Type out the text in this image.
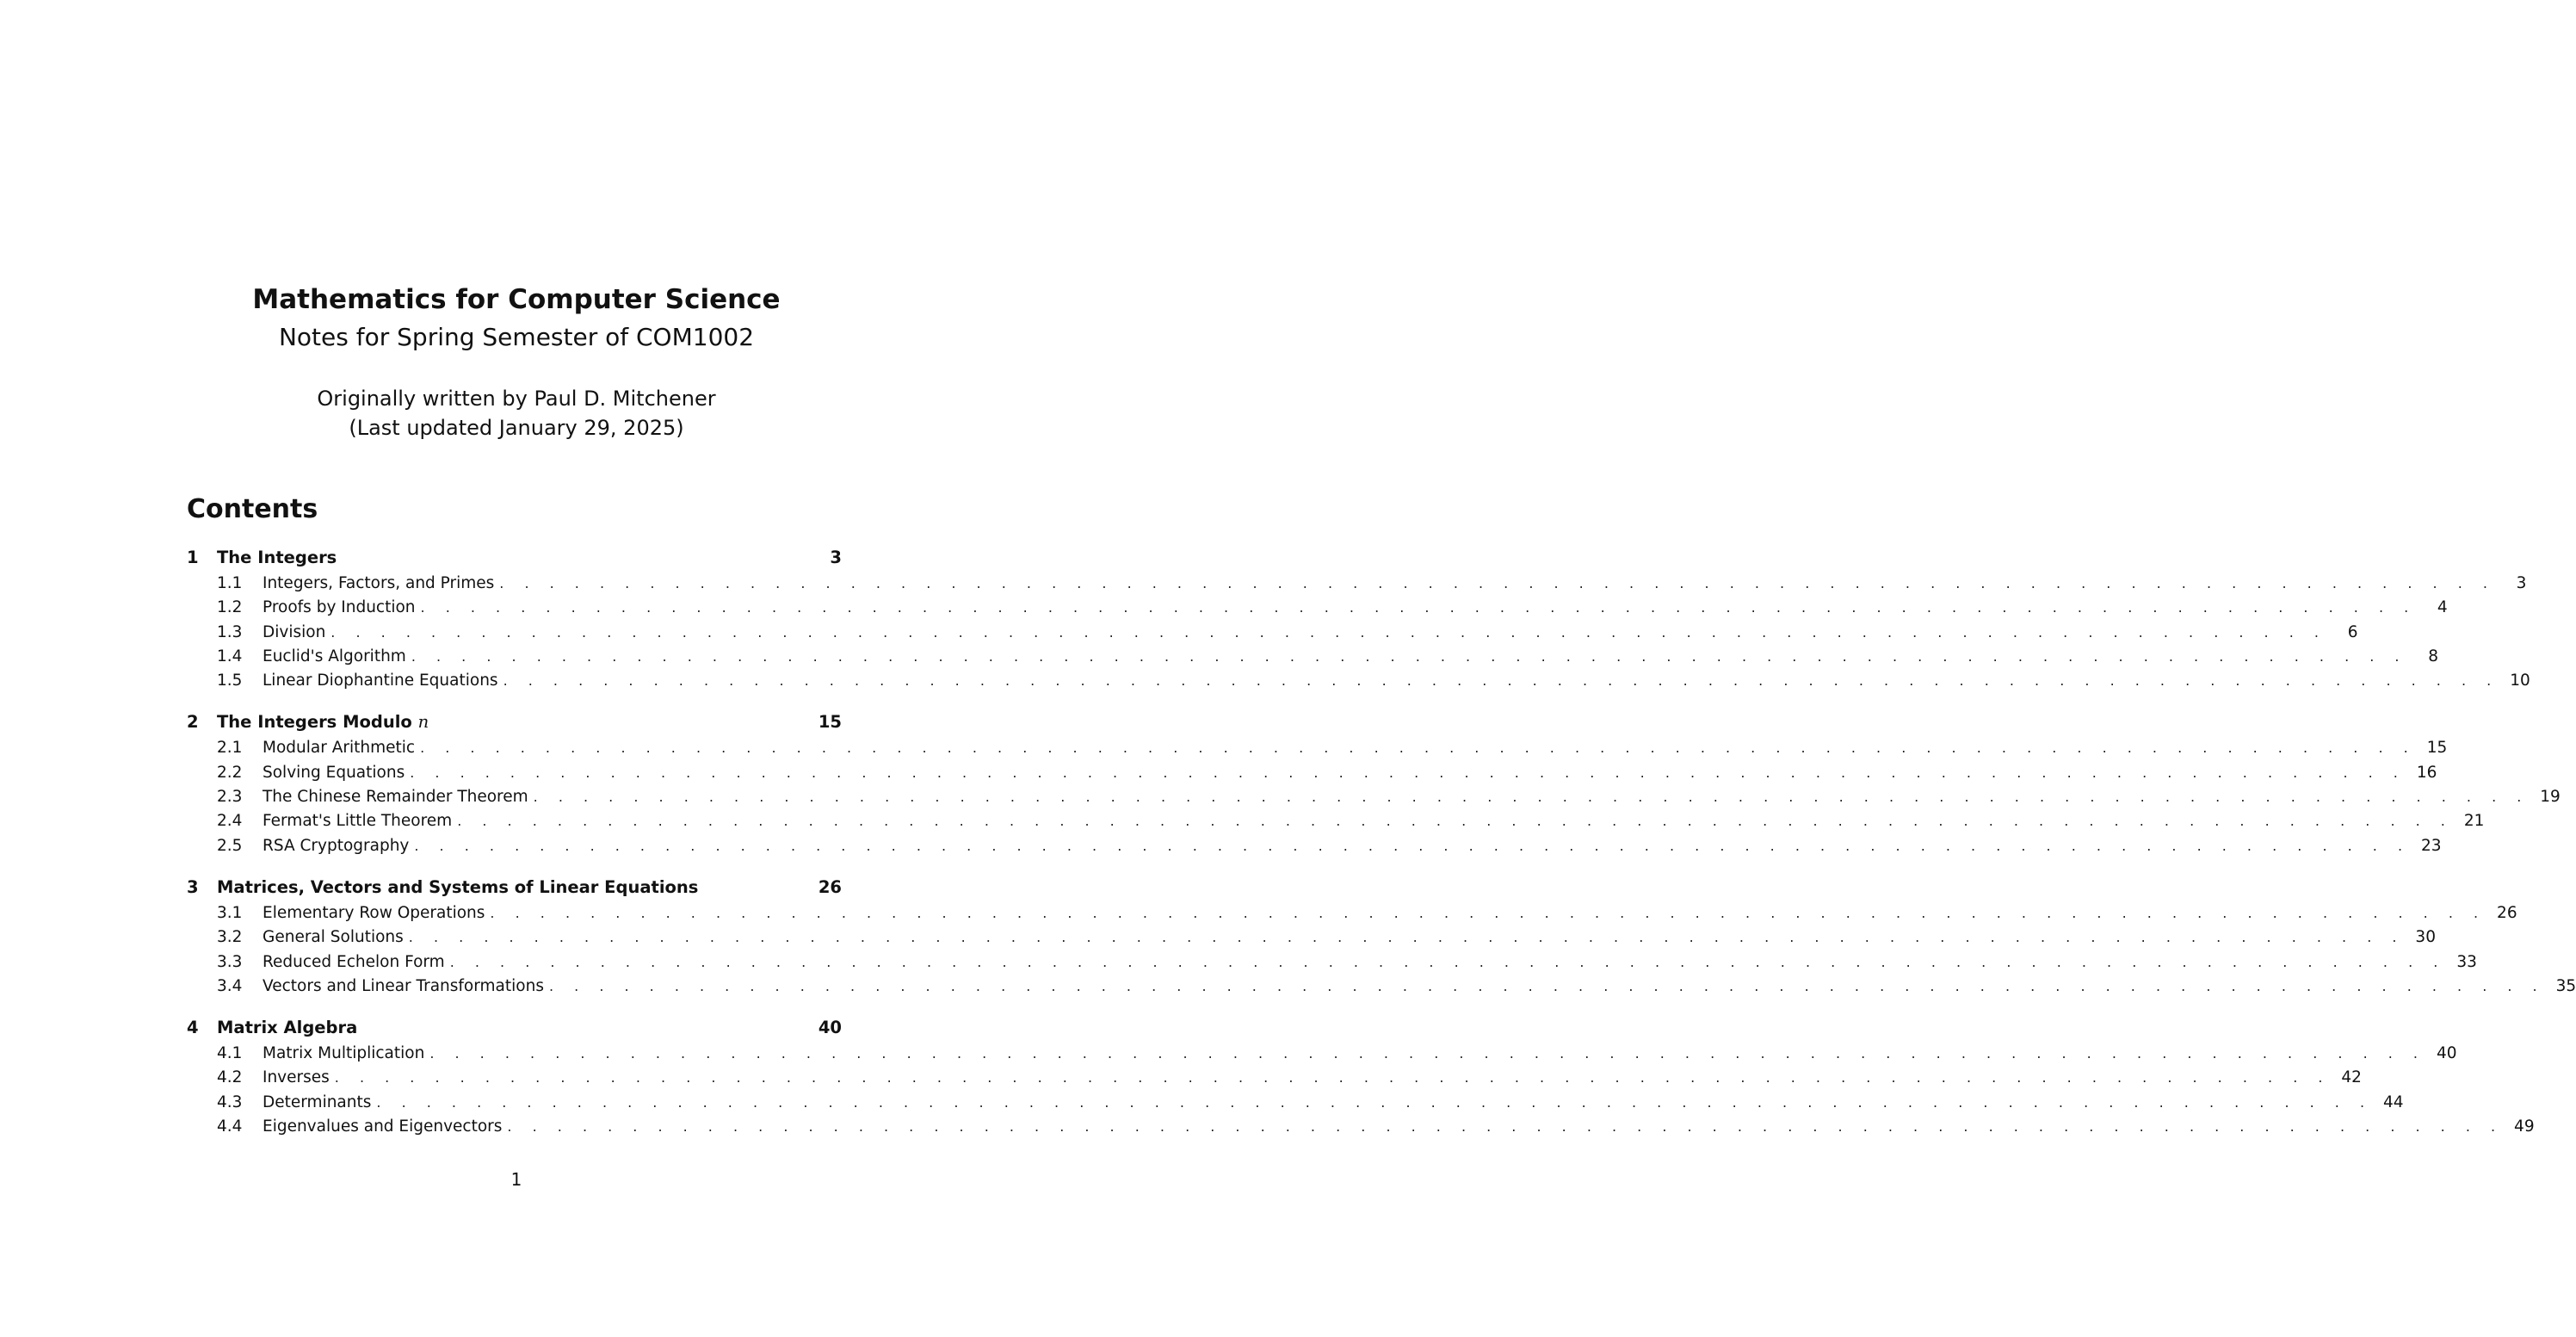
Mathematics for Computer Science
Notes for Spring Semester of COM1002
Originally written by Paul D. Mitchener
(Last updated January 29, 2025)
Contents
1	The Integers	3
1.1	Integers, Factors, and Primes . . . . . . . . . . . . . . . . . . . . . . . . . . . . . . . . . . . . . . . . . . . . . . . . . . . . . . . . . . . . . . . . . . . . . . . . . . . . . . . .	3
1.2	Proofs by Induction . . . . . . . . . . . . . . . . . . . . . . . . . . . . . . . . . . . . . . . . . . . . . . . . . . . . . . . . . . . . . . . . . . . . . . . . . . . . . . . .	4
1.3	Division . . . . . . . . . . . . . . . . . . . . . . . . . . . . . . . . . . . . . . . . . . . . . . . . . . . . . . . . . . . . . . . . . . . . . . . . . . . . . . . .	6
1.4	Euclid's Algorithm . . . . . . . . . . . . . . . . . . . . . . . . . . . . . . . . . . . . . . . . . . . . . . . . . . . . . . . . . . . . . . . . . . . . . . . . . . . . . . . .	8
1.5	Linear Diophantine Equations . . . . . . . . . . . . . . . . . . . . . . . . . . . . . . . . . . . . . . . . . . . . . . . . . . . . . . . . . . . . . . . . . . . . . . . . . . . . . . . . 10
2	The Integers Modulo n	15
2.1	Modular Arithmetic . . . . . . . . . . . . . . . . . . . . . . . . . . . . . . . . . . . . . . . . . . . . . . . . . . . . . . . . . . . . . . . . . . . . . . . . . . . . . . . . 15
2.2	Solving Equations . . . . . . . . . . . . . . . . . . . . . . . . . . . . . . . . . . . . . . . . . . . . . . . . . . . . . . . . . . . . . . . . . . . . . . . . . . . . . . . . 16
2.3	The Chinese Remainder Theorem . . . . . . . . . . . . . . . . . . . . . . . . . . . . . . . . . . . . . . . . . . . . . . . . . . . . . . . . . . . . . . . . . . . . . . . . . . . . . . . . 19
2.4	Fermat's Little Theorem . . . . . . . . . . . . . . . . . . . . . . . . . . . . . . . . . . . . . . . . . . . . . . . . . . . . . . . . . . . . . . . . . . . . . . . . . . . . . . . . 21
2.5	RSA Cryptography . . . . . . . . . . . . . . . . . . . . . . . . . . . . . . . . . . . . . . . . . . . . . . . . . . . . . . . . . . . . . . . . . . . . . . . . . . . . . . . . 23
3	Matrices, Vectors and Systems of Linear Equations	26
3.1	Elementary Row Operations . . . . . . . . . . . . . . . . . . . . . . . . . . . . . . . . . . . . . . . . . . . . . . . . . . . . . . . . . . . . . . . . . . . . . . . . . . . . . . . . 26
3.2	General Solutions . . . . . . . . . . . . . . . . . . . . . . . . . . . . . . . . . . . . . . . . . . . . . . . . . . . . . . . . . . . . . . . . . . . . . . . . . . . . . . . . 30
3.3	Reduced Echelon Form . . . . . . . . . . . . . . . . . . . . . . . . . . . . . . . . . . . . . . . . . . . . . . . . . . . . . . . . . . . . . . . . . . . . . . . . . . . . . . . . 33
3.4	Vectors and Linear Transformations . . . . . . . . . . . . . . . . . . . . . . . . . . . . . . . . . . . . . . . . . . . . . . . . . . . . . . . . . . . . . . . . . . . . . . . . . . . . . . . . 35
4	Matrix Algebra	40
4.1	Matrix Multiplication . . . . . . . . . . . . . . . . . . . . . . . . . . . . . . . . . . . . . . . . . . . . . . . . . . . . . . . . . . . . . . . . . . . . . . . . . . . . . . . . 40
4.2	Inverses . . . . . . . . . . . . . . . . . . . . . . . . . . . . . . . . . . . . . . . . . . . . . . . . . . . . . . . . . . . . . . . . . . . . . . . . . . . . . . . . 42
4.3	Determinants . . . . . . . . . . . . . . . . . . . . . . . . . . . . . . . . . . . . . . . . . . . . . . . . . . . . . . . . . . . . . . . . . . . . . . . . . . . . . . . . 44
4.4	Eigenvalues and Eigenvectors . . . . . . . . . . . . . . . . . . . . . . . . . . . . . . . . . . . . . . . . . . . . . . . . . . . . . . . . . . . . . . . . . . . . . . . . . . . . . . . . 49
1
